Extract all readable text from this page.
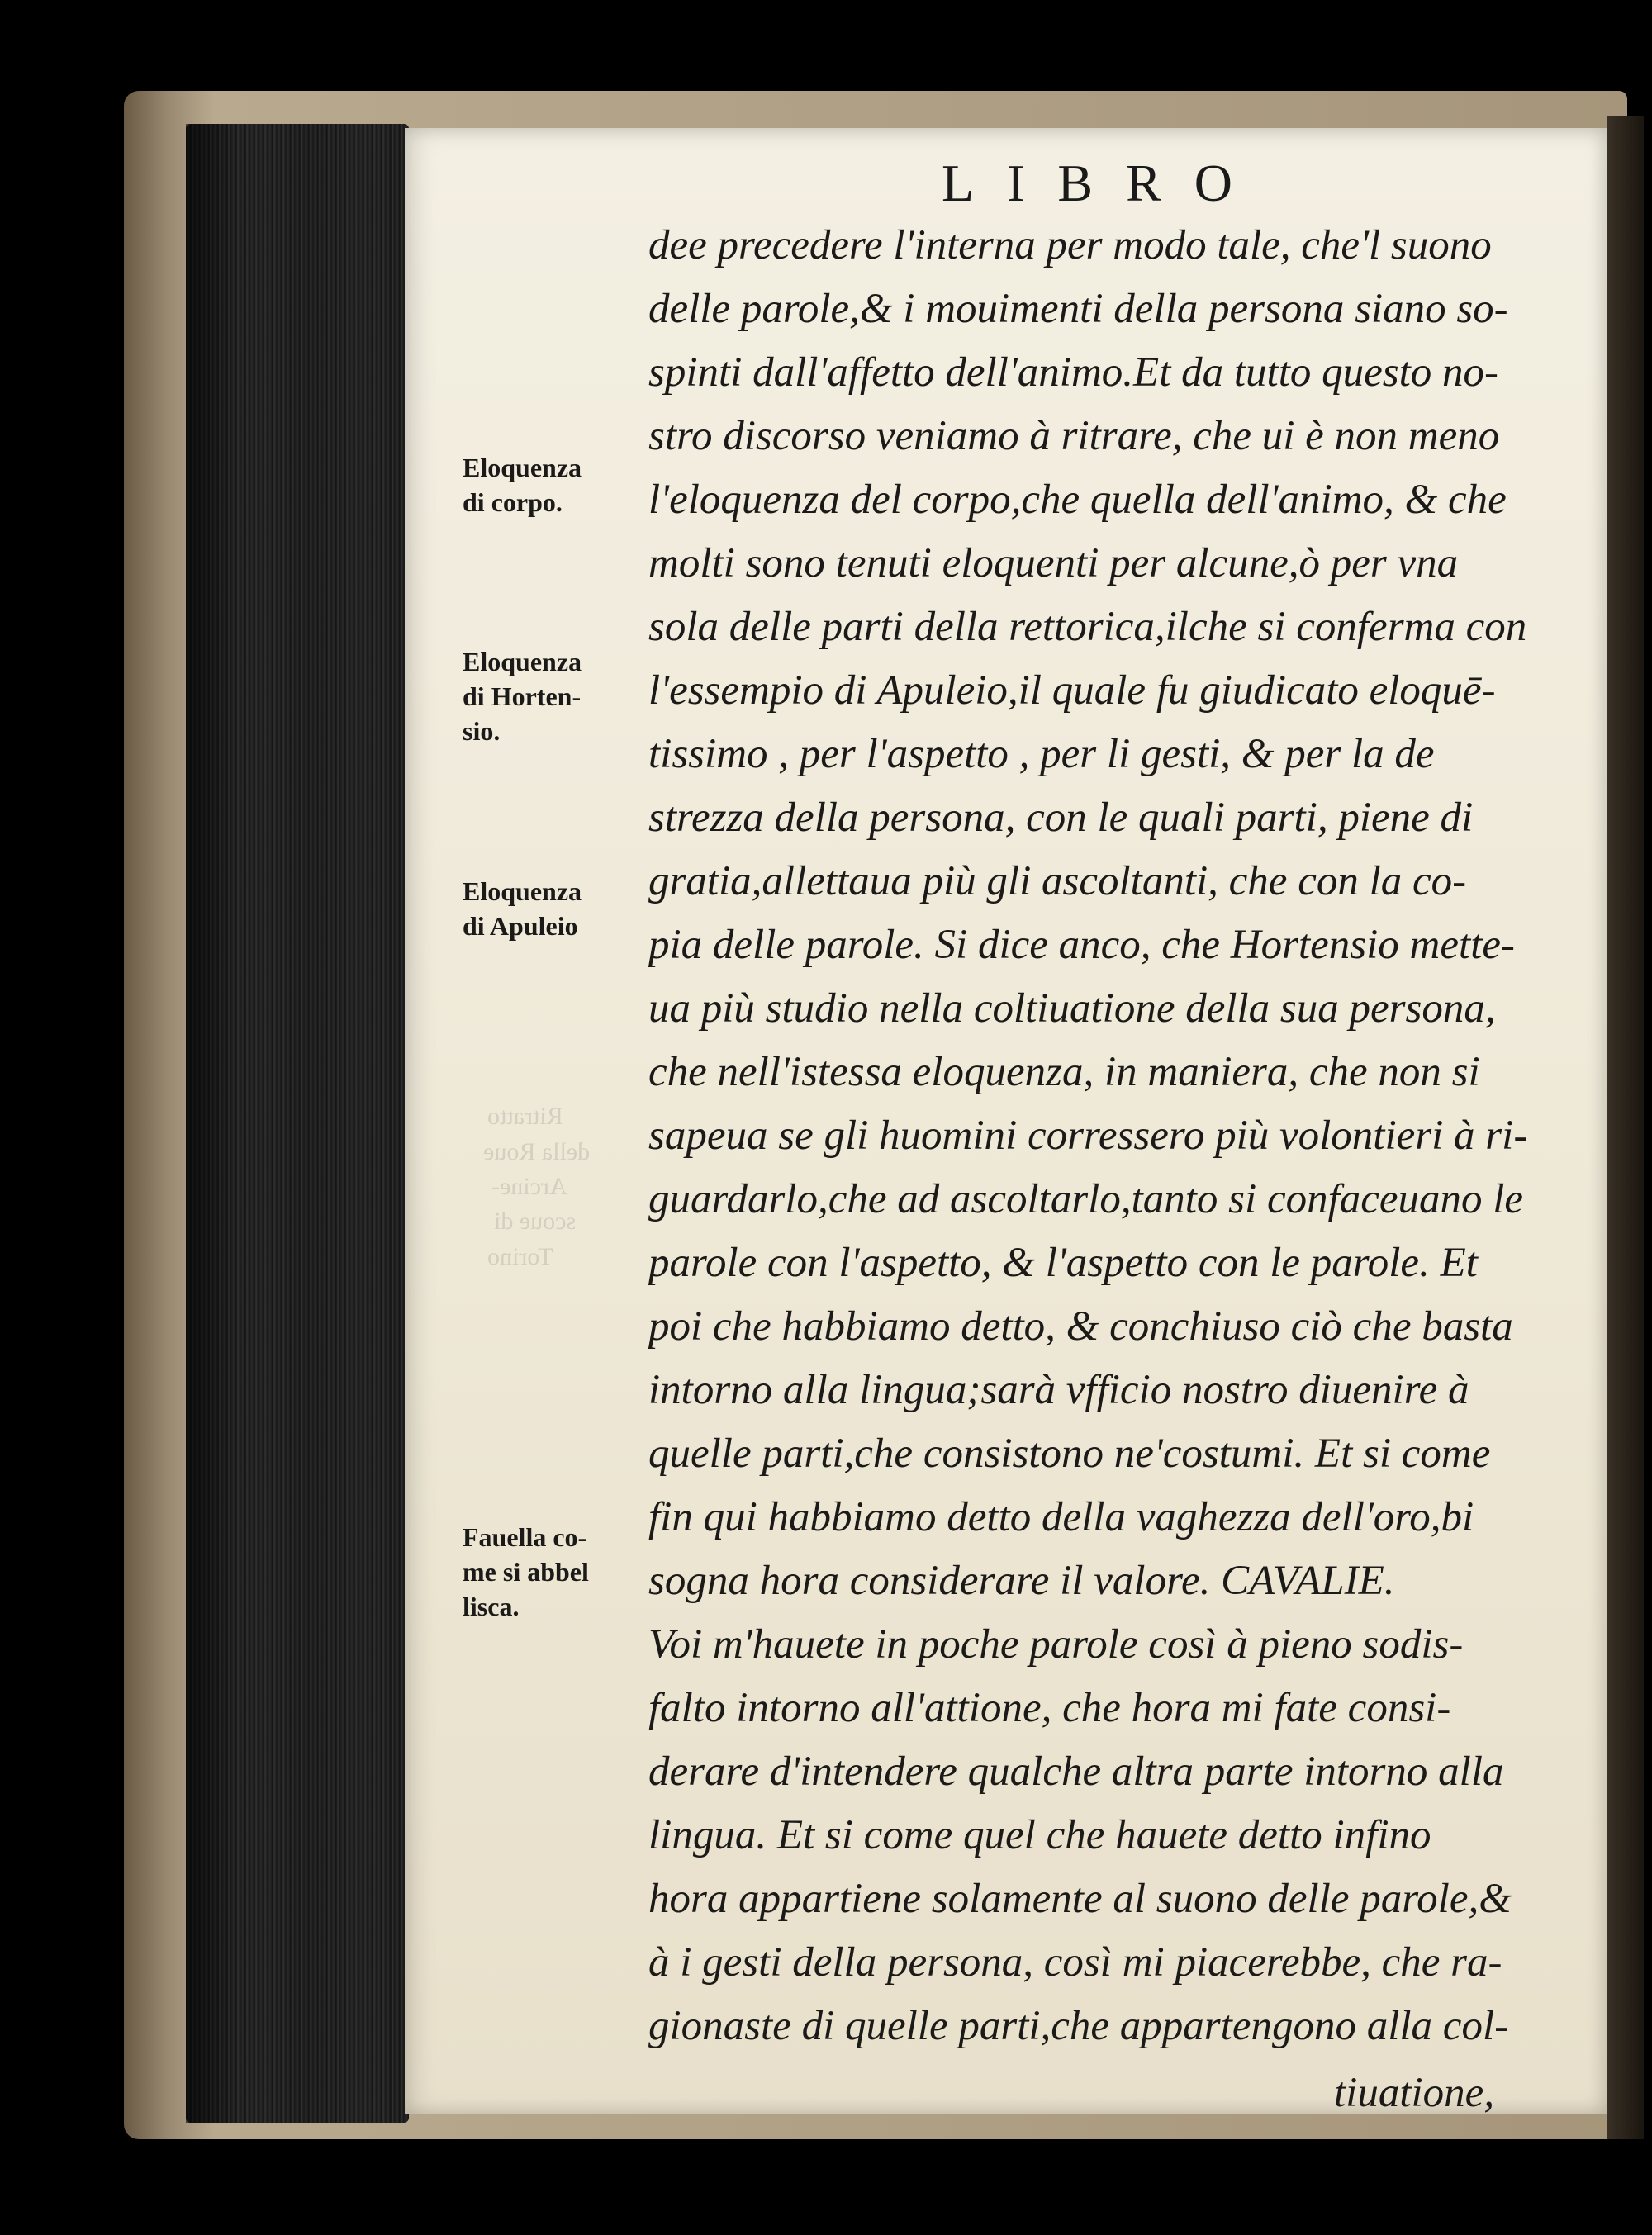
Ritratto
della Roue
Arcine-
scoue di
Torino
LIBRO
dee precedere l'interna per modo tale, che'l suono
delle parole,& i mouimenti della persona siano so-
spinti dall'affetto dell'animo.Et da tutto questo no-
stro discorso veniamo à ritrare, che ui è non meno
l'eloquenza del corpo,che quella dell'animo, & che
molti sono tenuti eloquenti per alcune,ò per vna
sola delle parti della rettorica,ilche si conferma con
l'essempio di Apuleio,il quale fu giudicato eloquē-
tissimo , per l'aspetto , per li gesti, & per la de
strezza della persona, con le quali parti, piene di
gratia,allettaua più gli ascoltanti, che con la co-
pia delle parole. Si dice anco, che Hortensio mette-
ua più studio nella coltiuatione della sua persona,
che nell'istessa eloquenza, in maniera, che non si
sapeua se gli huomini corressero più volontieri à ri-
guardarlo,che ad ascoltarlo,tanto si confaceuano le
parole con l'aspetto, & l'aspetto con le parole. Et
poi che habbiamo detto, & conchiuso ciò che basta
intorno alla lingua;sarà vfficio nostro diuenire à
quelle parti,che consistono ne'costumi. Et si come
fin qui habbiamo detto della vaghezza dell'oro,bi
sogna hora considerare il valore. CAVALIE.
Voi m'hauete in poche parole così à pieno sodis-
falto intorno all'attione, che hora mi fate consi-
derare d'intendere qualche altra parte intorno alla
lingua. Et si come quel che hauete detto infino
hora appartiene solamente al suono delle parole,&
à i gesti della persona, così mi piacerebbe, che ra-
gionaste di quelle parti,che appartengono alla col-
Eloquenza
di corpo.
Eloquenza
di Horten-
sio.
Eloquenza
di Apuleio
Fauella co-
me si abbel
lisca.
tiuatione,
